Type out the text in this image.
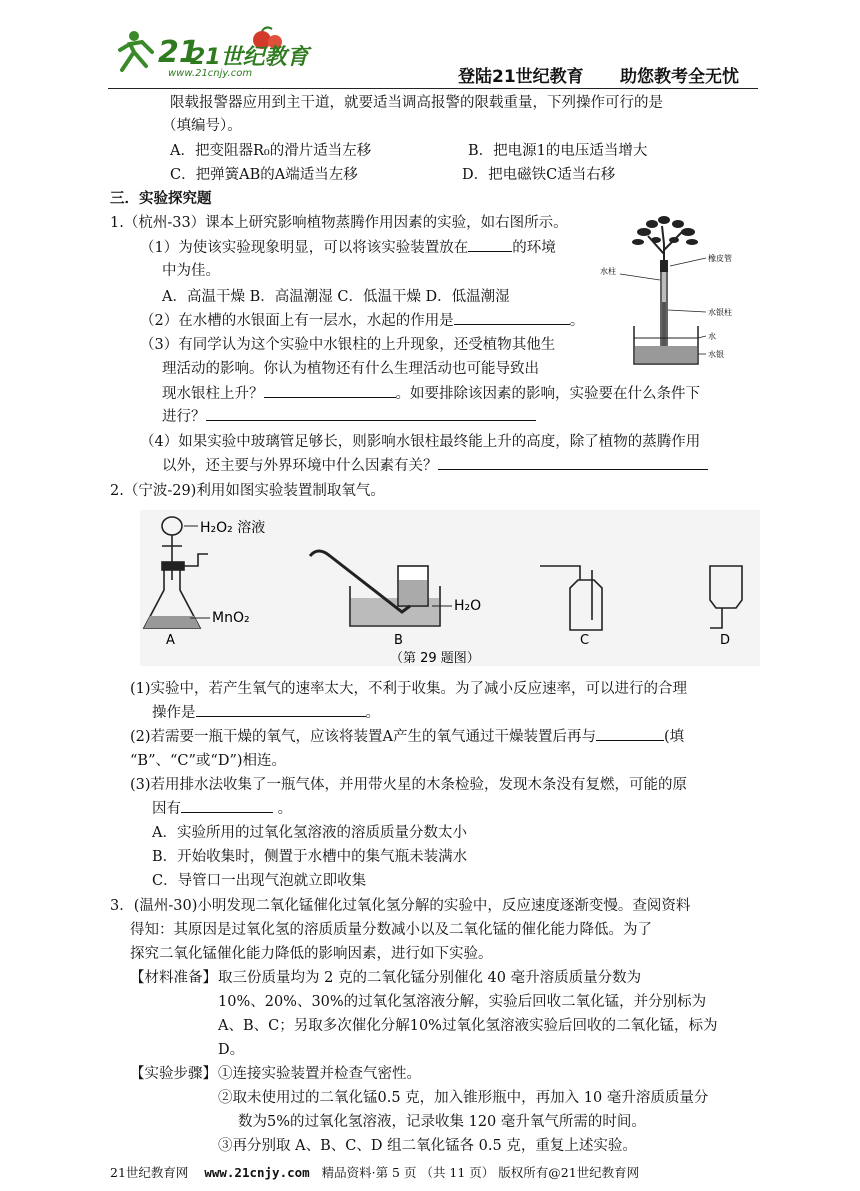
21
21世纪教育
www.21cnjy.com	登陆21世纪教育 助您教考全无忧
限载报警器应用到主干道，就要适当调高报警的限载重量，下列操作可行的是
（填编号）。
A．把变阻器R₀的滑片适当左移	B．把电源1的电压适当增大
C．把弹簧AB的A端适当左移	D．把电磁铁C适当右移
三．实验探究题
1.（杭州-33）课本上研究影响植物蒸腾作用因素的实验，如右图所示。
（1）为使该实验现象明显，可以将该实验装置放在	的环境
中为佳。
A．高温干燥 B．高温潮湿 C．低温干燥 D．低温潮湿
（2）在水槽的水银面上有一层水，水起的作用是	。
（3）有同学认为这个实验中水银柱的上升现象，还受植物其他生
理活动的影响。你认为植物还有什么生理活动也可能导致出
现水银柱上升？	。如要排除该因素的影响，实验要在什么条件下
进行？
（4）如果实验中玻璃管足够长，则影响水银柱最终能上升的高度，除了植物的蒸腾作用
以外，还主要与外界环境中什么因素有关？
橡皮管
水柱
水银柱
水
水银
2.（宁波-29)利用如图实验装置制取氧气。
H₂O₂ 溶液
MnO₂
A
H₂O
B	C	D
（第 29 题图）
(1)实验中，若产生氧气的速率太大，不利于收集。为了减小反应速率，可以进行的合理
操作是	。
(2)若需要一瓶干燥的氧气，应该将装置A产生的氧气通过干燥装置后再与	(填
“B”、“C”或“D”)相连。
(3)若用排水法收集了一瓶气体，并用带火星的木条检验，发现木条没有复燃，可能的原
因有	。
A．实验所用的过氧化氢溶液的溶质质量分数太小
B．开始收集时，侧置于水槽中的集气瓶未装满水
C．导管口一出现气泡就立即收集
3．(温州-30)小明发现二氧化锰催化过氧化氢分解的实验中，反应速度逐渐变慢。查阅资料
得知：其原因是过氧化氢的溶质质量分数减小以及二氧化锰的催化能力降低。为了
探究二氧化锰催化能力降低的影响因素，进行如下实验。
【材料准备】 取三份质量均为 2 克的二氧化锰分别催化 40 毫升溶质质量分数为
10%、20%、30%的过氧化氢溶液分解，实验后回收二氧化锰，并分别标为
A、B、C；另取多次催化分解10%过氧化氢溶液实验后回收的二氧化锰，标为
D。
【实验步骤】 ①连接实验装置并检查气密性。
②取未使用过的二氧化锰0.5 克，加入锥形瓶中，再加入 10 毫升溶质质量分
数为5%的过氧化氢溶液，记录收集 120 毫升氧气所需的时间。
③再分别取 A、B、C、D 组二氧化锰各 0.5 克，重复上述实验。
21世纪教育网 www.21cnjy.com 精品资料·第 5 页 （共 11 页） 版权所有@21世纪教育网
